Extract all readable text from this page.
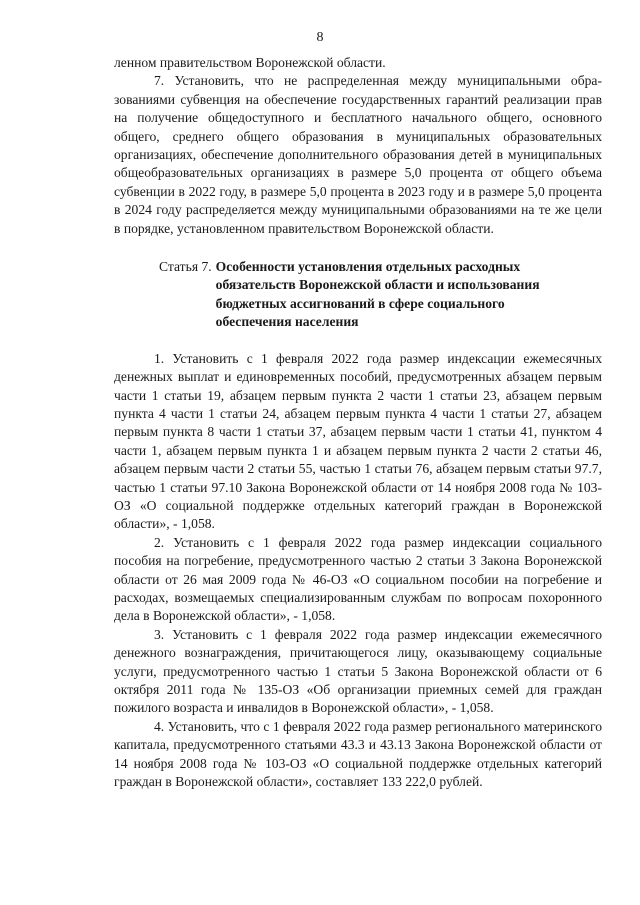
8

ленном правительством Воронежской области.

7. Установить, что не распределенная между муниципальными образованиями субвенция на обеспечение государственных гарантий реализации прав на получение общедоступного и бесплатного начального общего, основного общего, среднего общего образования в муниципальных образовательных организациях, обеспечение дополнительного образования детей в муниципальных общеобразовательных организациях в размере 5,0 процента от общего объема субвенции в 2022 году, в размере 5,0 процента в 2023 году и в размере 5,0 процента в 2024 году распределяется между муниципальными образованиями на те же цели в порядке, установленном правительством Воронежской области.

Статья 7. Особенности установления отдельных расходных обязательств Воронежской области и использования бюджетных ассигнований в сфере социального обеспечения населения

1. Установить с 1 февраля 2022 года размер индексации ежемесячных денежных выплат и единовременных пособий, предусмотренных абзацем первым части 1 статьи 19, абзацем первым пункта 2 части 1 статьи 23, абзацем первым пункта 4 части 1 статьи 24, абзацем первым пункта 4 части 1 статьи 27, абзацем первым пункта 8 части 1 статьи 37, абзацем первым части 1 статьи 41, пунктом 4 части 1, абзацем первым пункта 1 и абзацем первым пункта 2 части 2 статьи 46, абзацем первым части 2 статьи 55, частью 1 статьи 76, абзацем первым статьи 97.7, частью 1 статьи 97.10 Закона Воронежской области от 14 ноября 2008 года № 103-ОЗ «О социальной поддержке отдельных категорий граждан в Воронежской области», - 1,058.

2. Установить с 1 февраля 2022 года размер индексации социального пособия на погребение, предусмотренного частью 2 статьи 3 Закона Воронежской области от 26 мая 2009 года № 46-ОЗ «О социальном пособии на погребение и расходах, возмещаемых специализированным службам по вопросам похоронного дела в Воронежской области», - 1,058.

3. Установить с 1 февраля 2022 года размер индексации ежемесячного денежного вознаграждения, причитающегося лицу, оказывающему социальные услуги, предусмотренного частью 1 статьи 5 Закона Воронежской области от 6 октября 2011 года № 135-ОЗ «Об организации приемных семей для граждан пожилого возраста и инвалидов в Воронежской области», - 1,058.

4. Установить, что с 1 февраля 2022 года размер регионального материнского капитала, предусмотренного статьями 43.3 и 43.13 Закона Воронежской области от 14 ноября 2008 года № 103-ОЗ «О социальной поддержке отдельных категорий граждан в Воронежской области», составляет 133 222,0 рублей.
